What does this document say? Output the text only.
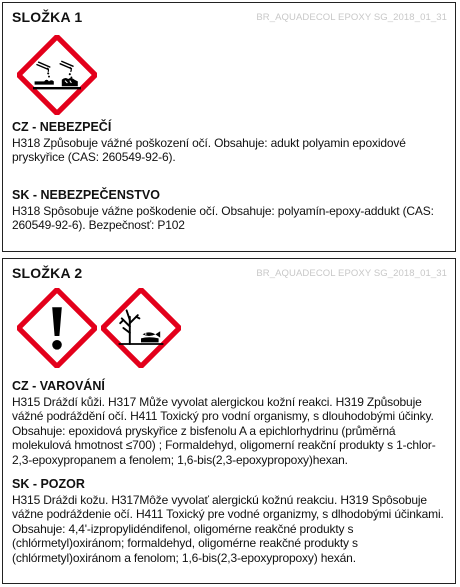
SLOŽKA 1	BR_AQUADECOL EPOXY SG_2018_01_31
CZ - NEBEZPEČÍ
H318 Způsobuje vážné poškození očí. Obsahuje: adukt polyamin epoxidové pryskyřice (CAS: 260549-92-6).
SK - NEBEZPEČENSTVO
H318 Spôsobuje vážne poškodenie očí. Obsahuje: polyamín-epoxy-addukt (CAS: 260549-92-6). Bezpečnosť: P102
SLOŽKA 2	BR_AQUADECOL EPOXY SG_2018_01_31
CZ - VAROVÁNÍ
H315 Dráždí kůži. H317 Může vyvolat alergickou kožní reakci. H319 Způsobuje vážné podráždění očí. H411 Toxický pro vodní organismy, s dlouhodobými účinky. Obsahuje: epoxidová pryskyřice z bisfenolu A a epichlorhydrinu (průměrná molekulová hmotnost ≤700) ; Formaldehyd, oligomerní reakční produkty s 1-chlor-2,3-epoxypropanem a fenolem; 1,6-bis(2,3-epoxypropoxy)hexan.
SK - POZOR
H315 Dráždi kožu. H317Môže vyvolať alergickú kožnú reakciu. H319 Spôsobuje vážne podráždenie očí. H411 Toxický pre vodné organizmy, s dlhodobými účinkami. Obsahuje: 4,4'-izpropylidéndifenol, oligomérne reakčné produkty s (chlórmetyl)oxiránom; formaldehyd, oligomérne reakčné produkty s (chlórmetyl)oxiránom a fenolom; 1,6-bis(2,3-epoxypropoxy) hexán.
